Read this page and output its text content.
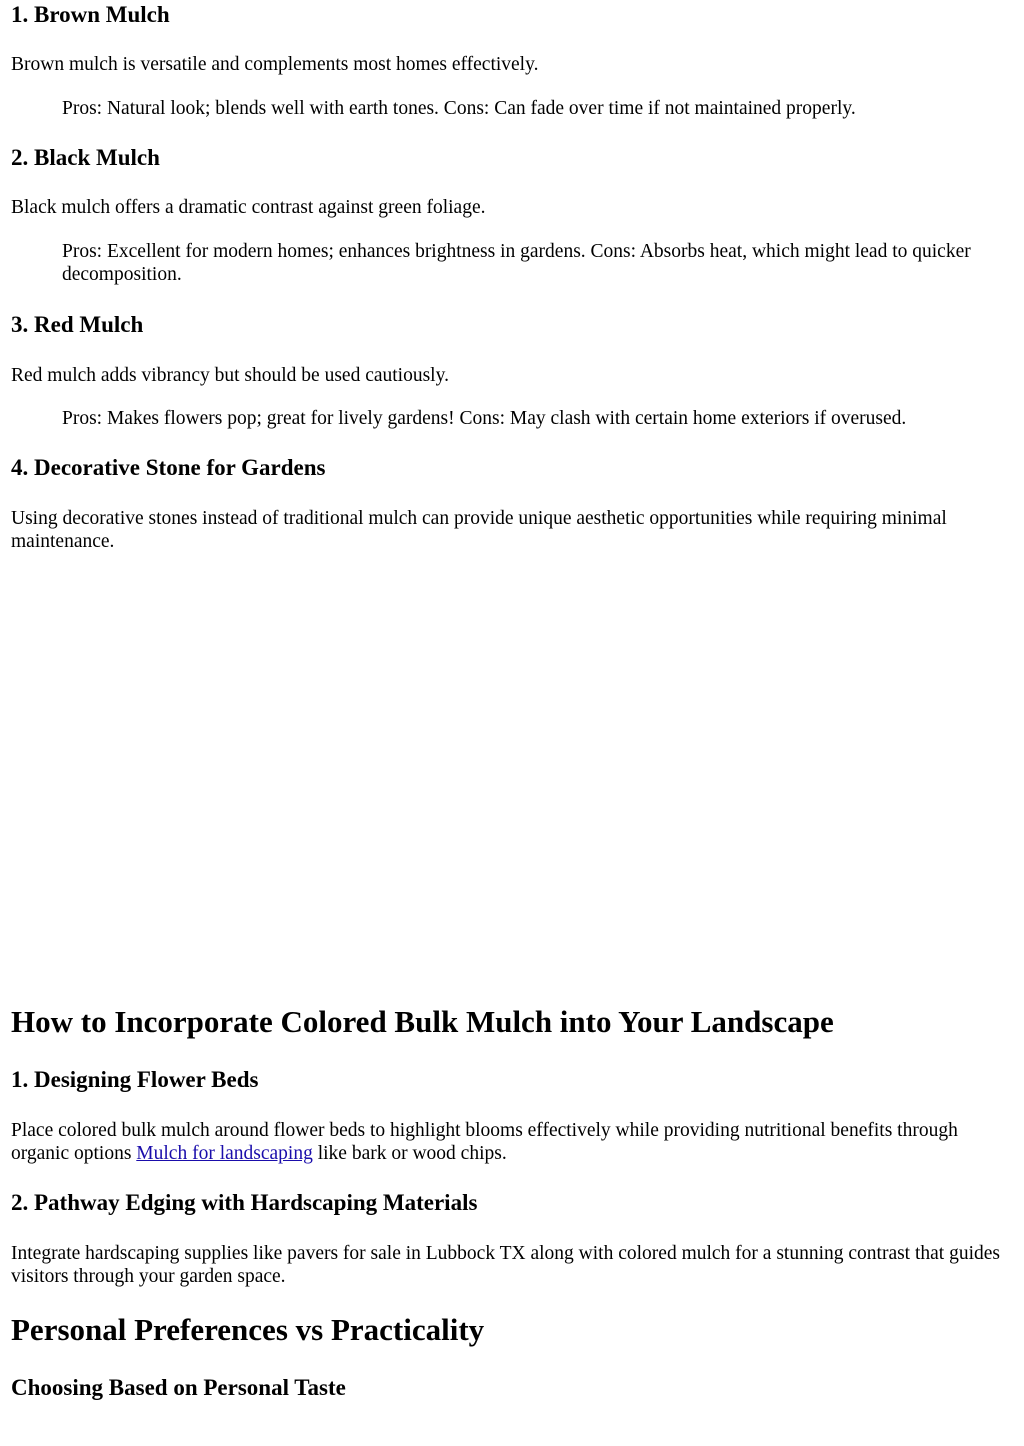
1. Brown Mulch

Brown mulch is versatile and complements most homes effectively.

Pros: Natural look; blends well with earth tones. Cons: Can fade over time if not maintained properly.
2. Black Mulch

Black mulch offers a dramatic contrast against green foliage.

Pros: Excellent for modern homes; enhances brightness in gardens. Cons: Absorbs heat, which might lead to quicker decomposition.
3. Red Mulch

Red mulch adds vibrancy but should be used cautiously.

Pros: Makes flowers pop; great for lively gardens! Cons: May clash with certain home exteriors if overused.
4. Decorative Stone for Gardens

Using decorative stones instead of traditional mulch can provide unique aesthetic opportunities while requiring minimal maintenance.

How to Incorporate Colored Bulk Mulch into Your Landscape
1. Designing Flower Beds

Place colored bulk mulch around flower beds to highlight blooms effectively while providing nutritional benefits through organic options Mulch for landscaping like bark or wood chips.

2. Pathway Edging with Hardscaping Materials

Integrate hardscaping supplies like pavers for sale in Lubbock TX along with colored mulch for a stunning contrast that guides visitors through your garden space.

Personal Preferences vs Practicality
Choosing Based on Personal Taste
